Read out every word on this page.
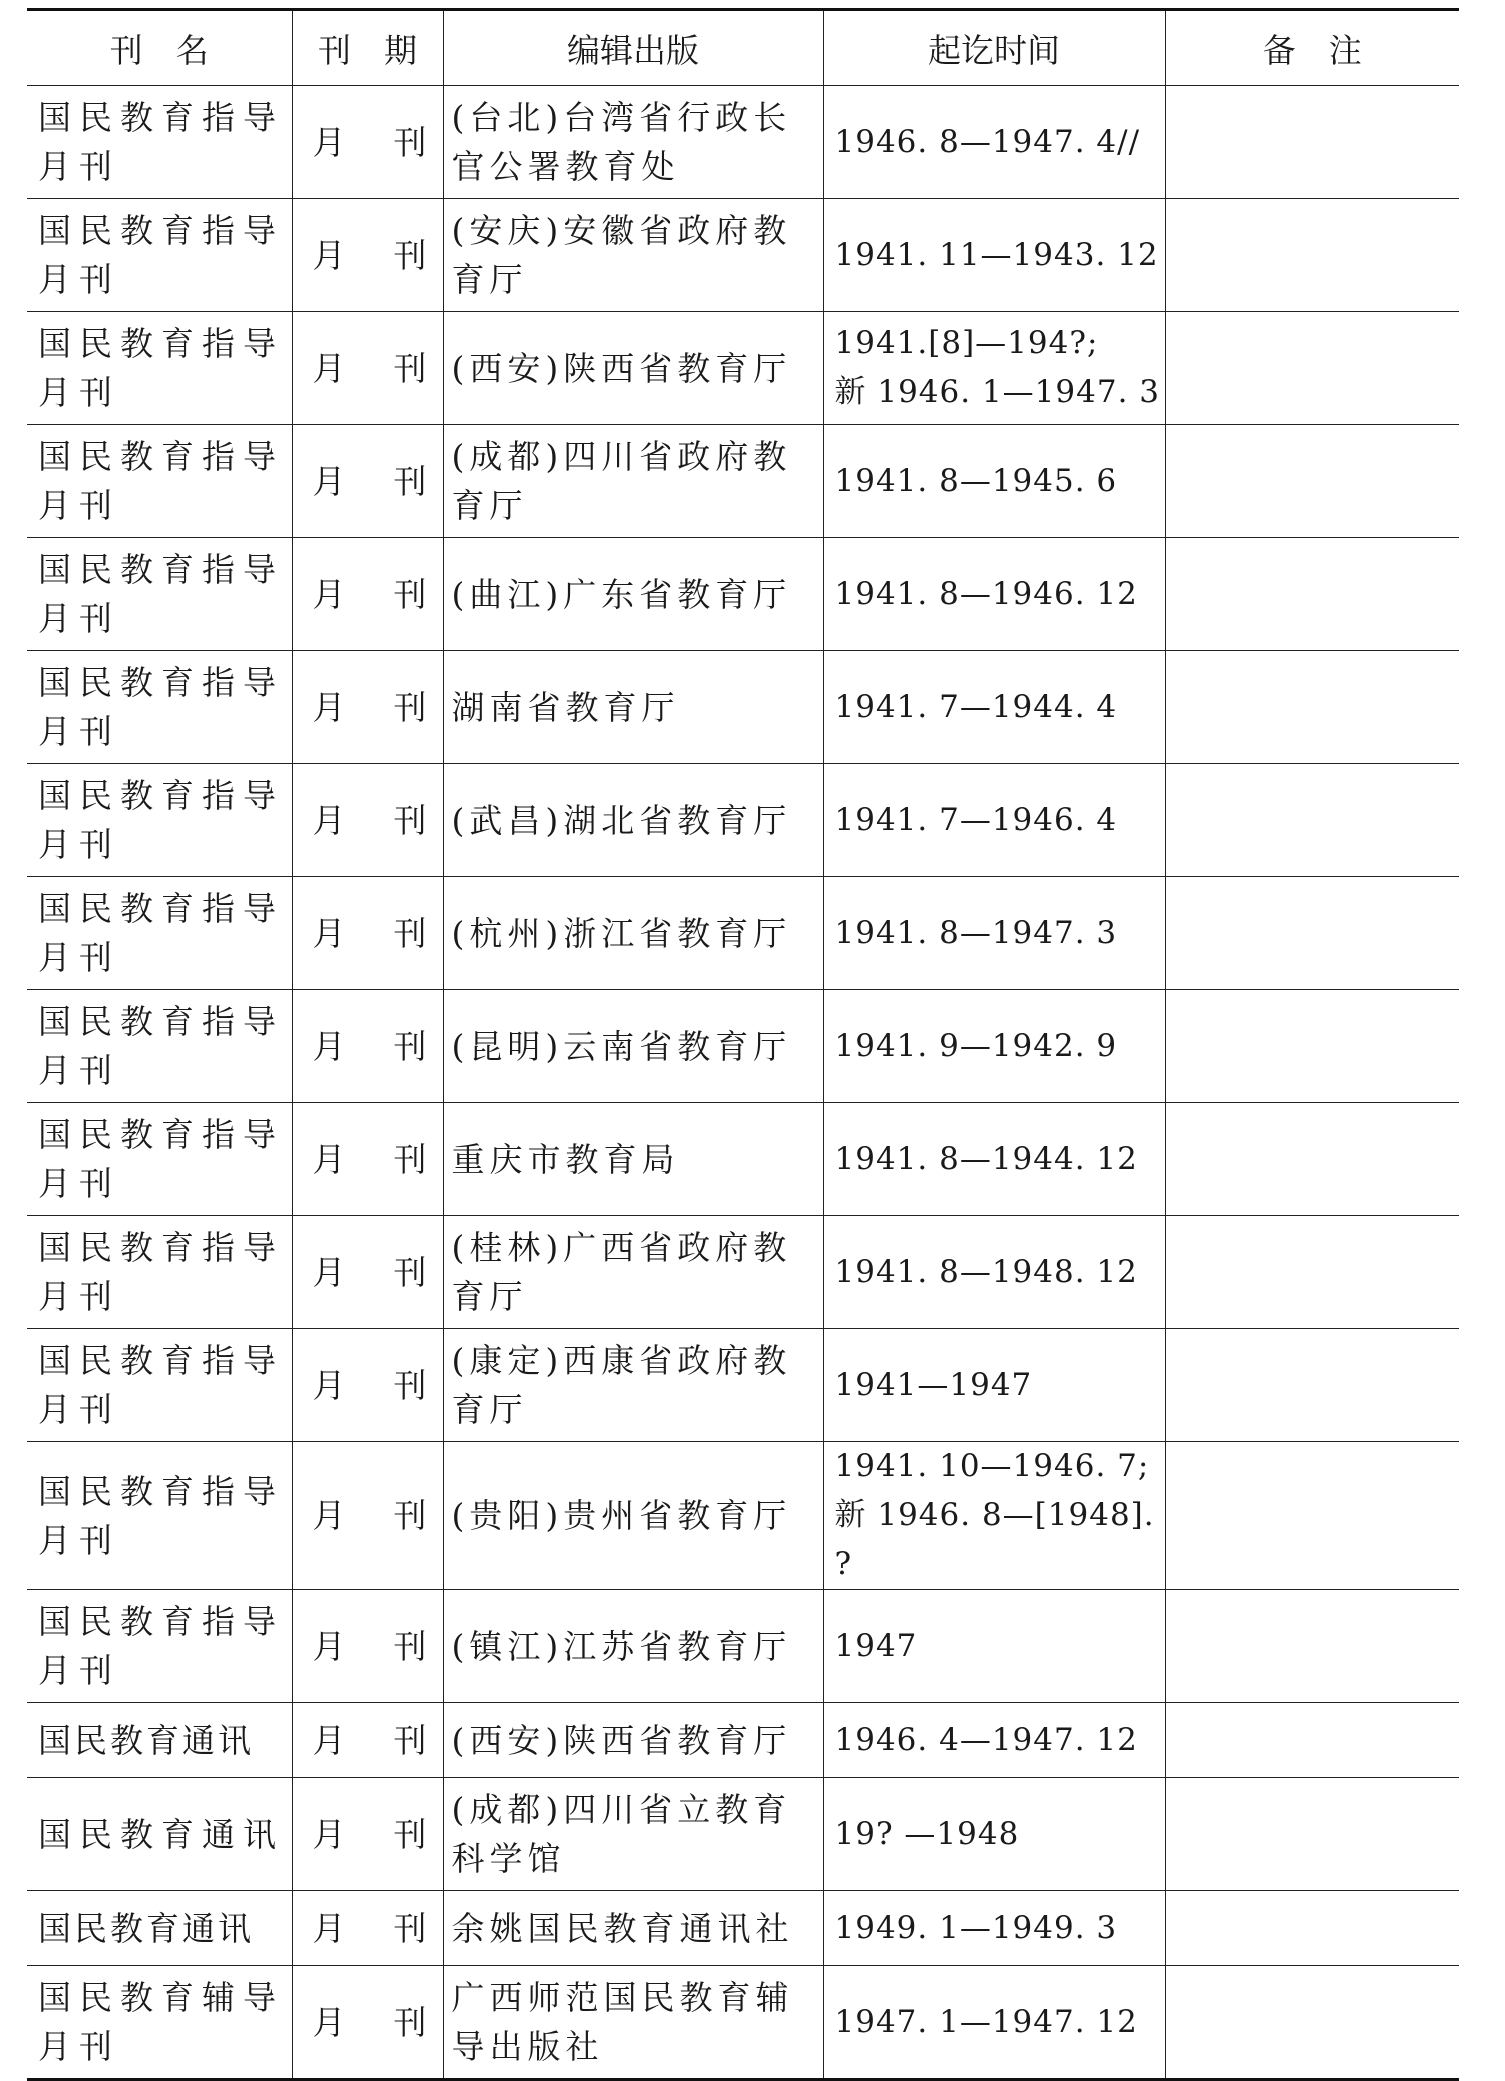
刊　名	刊　期	编辑出版	起讫时间	备　注

国民教育指导月刊	月 刊	(台北)台湾省行政长官公署教育处	1946. 8—1947. 4//	

国民教育指导月刊	月 刊	(安庆)安徽省政府教育厅	1941. 11—1943. 12	

国民教育指导月刊	月 刊	(西安)陕西省教育厅	1941.[8]—194?;
新 1946. 1—1947. 3	

国民教育指导月刊	月 刊	(成都)四川省政府教育厅	1941. 8—1945. 6	

国民教育指导月刊	月 刊	(曲江)广东省教育厅	1941. 8—1946. 12	

国民教育指导月刊	月 刊	湖南省教育厅	1941. 7—1944. 4	

国民教育指导月刊	月 刊	(武昌)湖北省教育厅	1941. 7—1946. 4	

国民教育指导月刊	月 刊	(杭州)浙江省教育厅	1941. 8—1947. 3	

国民教育指导月刊	月 刊	(昆明)云南省教育厅	1941. 9—1942. 9	

国民教育指导月刊	月 刊	重庆市教育局	1941. 8—1944. 12	

国民教育指导月刊	月 刊	(桂林)广西省政府教育厅	1941. 8—1948. 12	

国民教育指导月刊	月 刊	(康定)西康省政府教育厅	1941—1947	

国民教育指导月刊	月 刊	(贵阳)贵州省教育厅	1941. 10—1946. 7;
新 1946. 8—[1948]. ?	

国民教育指导月刊	月 刊	(镇江)江苏省教育厅	1947	

国民教育通讯	月 刊	(西安)陕西省教育厅	1946. 4—1947. 12	

国民教育通讯	月 刊	(成都)四川省立教育科学馆	19? —1948	

国民教育通讯	月 刊	余姚国民教育通讯社	1949. 1—1949. 3	

国民教育辅导月刊	月 刊	广西师范国民教育辅导出版社	1947. 1—1947. 12	
